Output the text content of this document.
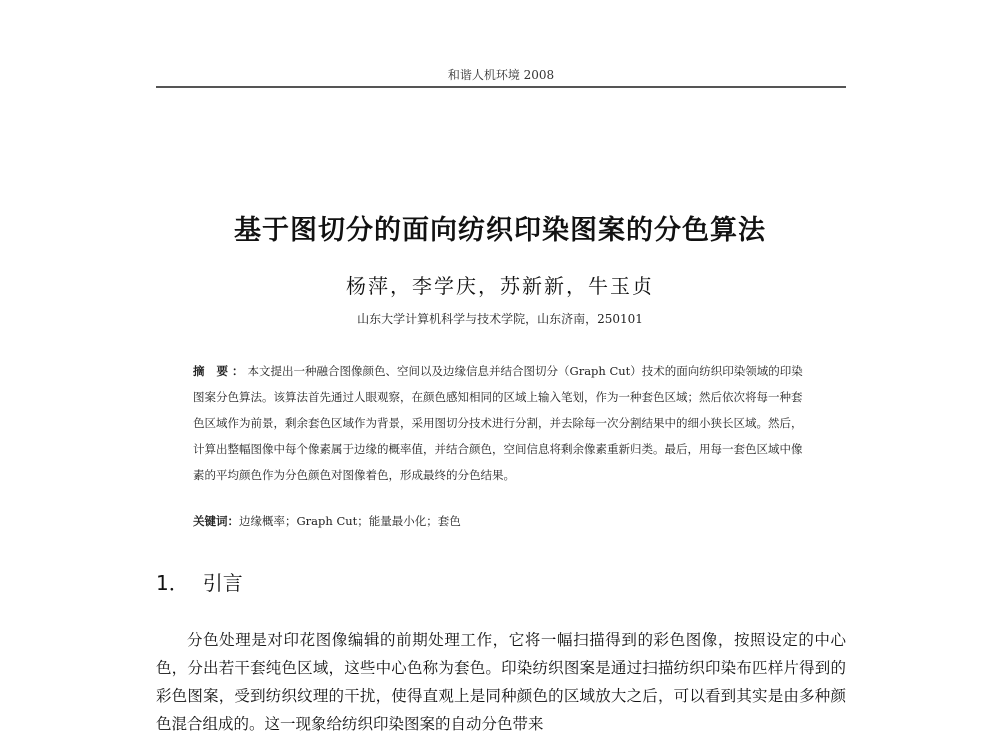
和谐人机环境 2008
基于图切分的面向纺织印染图案的分色算法
杨萍，李学庆，苏新新，牛玉贞
山东大学计算机科学与技术学院，山东济南，250101
摘 要：本文提出一种融合图像颜色、空间以及边缘信息并结合图切分（Graph Cut）技术的面向纺织印染领域的印染图案分色算法。该算法首先通过人眼观察，在颜色感知相同的区域上输入笔划，作为一种套色区域；然后依次将每一种套色区域作为前景，剩余套色区域作为背景，采用图切分技术进行分割，并去除每一次分割结果中的细小狭长区域。然后，计算出整幅图像中每个像素属于边缘的概率值，并结合颜色，空间信息将剩余像素重新归类。最后，用每一套色区域中像素的平均颜色作为分色颜色对图像着色，形成最终的分色结果。
关键词：边缘概率；Graph Cut；能量最小化；套色
1． 引言
分色处理是对印花图像编辑的前期处理工作，它将一幅扫描得到的彩色图像，按照设定的中心色，分出若干套纯色区域，这些中心色称为套色。印染纺织图案是通过扫描纺织印染布匹样片得到的彩色图案，受到纺织纹理的干扰，使得直观上是同种颜色的区域放大之后，可以看到其实是由多种颜色混合组成的。这一现象给纺织印染图案的自动分色带来
